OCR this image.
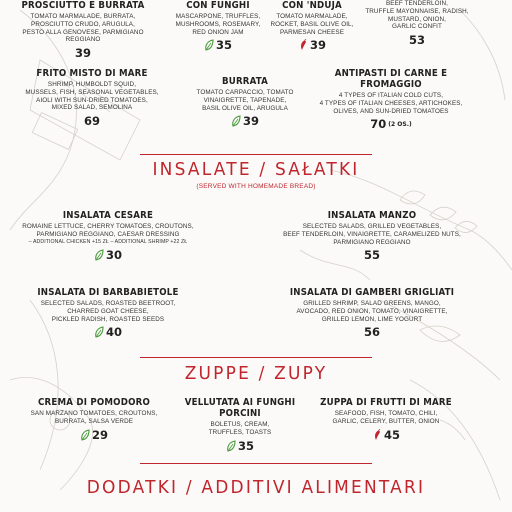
PROSCIUTTO E BURRATA
TOMATO MARMALADE, BURRATA,
PROSCIUTTO CRUDO, ARUGULA,
PESTO ALLA GENOVESE, PARMIGIANO REGGIANO
39
CON FUNGHI
MASCARPONE, TRUFFLES,
MUSHROOMS, ROSEMARY,
RED ONION JAM
35
CON 'NDUJA
TOMATO MARMALADE,
ROCKET, BASIL OLIVE OIL,
PARMESAN CHEESE
39
BEEF TENDERLOIN,
TRUFFLE MAYONNAISE, RADISH,
MUSTARD, ONION,
GARLIC CONFIT
53
FRITO MISTO DI MARE
SHRIMP, HUMBOLDT SQUID,
MUSSELS, FISH, SEASONAL VEGETABLES,
AIOLI WITH SUN-DRIED TOMATOES,
MIXED SALAD, SEMOLINA
69
BURRATA
TOMATO CARPACCIO, TOMATO
VINAIGRETTE, TAPENADE,
BASIL OLIVE OIL, ARUGULA
39
ANTIPASTI DI CARNE E FROMAGGIO
4 TYPES OF ITALIAN COLD CUTS,
4 TYPES OF ITALIAN CHEESES, ARTICHOKES,
OLIVES, AND SUN-DRIED TOMATOES
70 (2 OS.)
INSALATE / SAŁATKI
(SERVED WITH HOMEMADE BREAD)
INSALATA CESARE
ROMAINE LETTUCE, CHERRY TOMATOES, CROUTONS,
PARMIGIANO REGGIANO, CAESAR DRESSING
– ADDITIONAL CHICKEN +15 ZŁ – ADDITIONAL SHRIMP +22 ZŁ
30
INSALATA MANZO
SELECTED SALADS, GRILLED VEGETABLES,
BEEF TENDERLOIN, VINAIGRETTE, CARAMELIZED NUTS,
PARMIGIANO REGGIANO
55
INSALATA DI BARBABIETOLE
SELECTED SALADS, ROASTED BEETROOT,
CHARRED GOAT CHEESE,
PICKLED RADISH, ROASTED SEEDS
40
INSALATA DI GAMBERI GRIGLIATI
GRILLED SHRIMP, SALAD GREENS, MANGO,
AVOCADO, RED ONION, TOMATO, VINAIGRETTE,
GRILLED LEMON, LIME YOGURT
56
ZUPPE / ZUPY
CREMA DI POMODORO
SAN MARZANO TOMATOES, CROUTONS,
BURRATA, SALSA VERDE
29
VELLUTATA AI FUNGHI PORCINI
BOLETUS, CREAM,
TRUFFLES, TOASTS
35
ZUPPA DI FRUTTI DI MARE
SEAFOOD, FISH, TOMATO, CHILI,
GARLIC, CELERY, BUTTER, ONION
45
DODATKI / ADDITIVI ALIMENTARI
